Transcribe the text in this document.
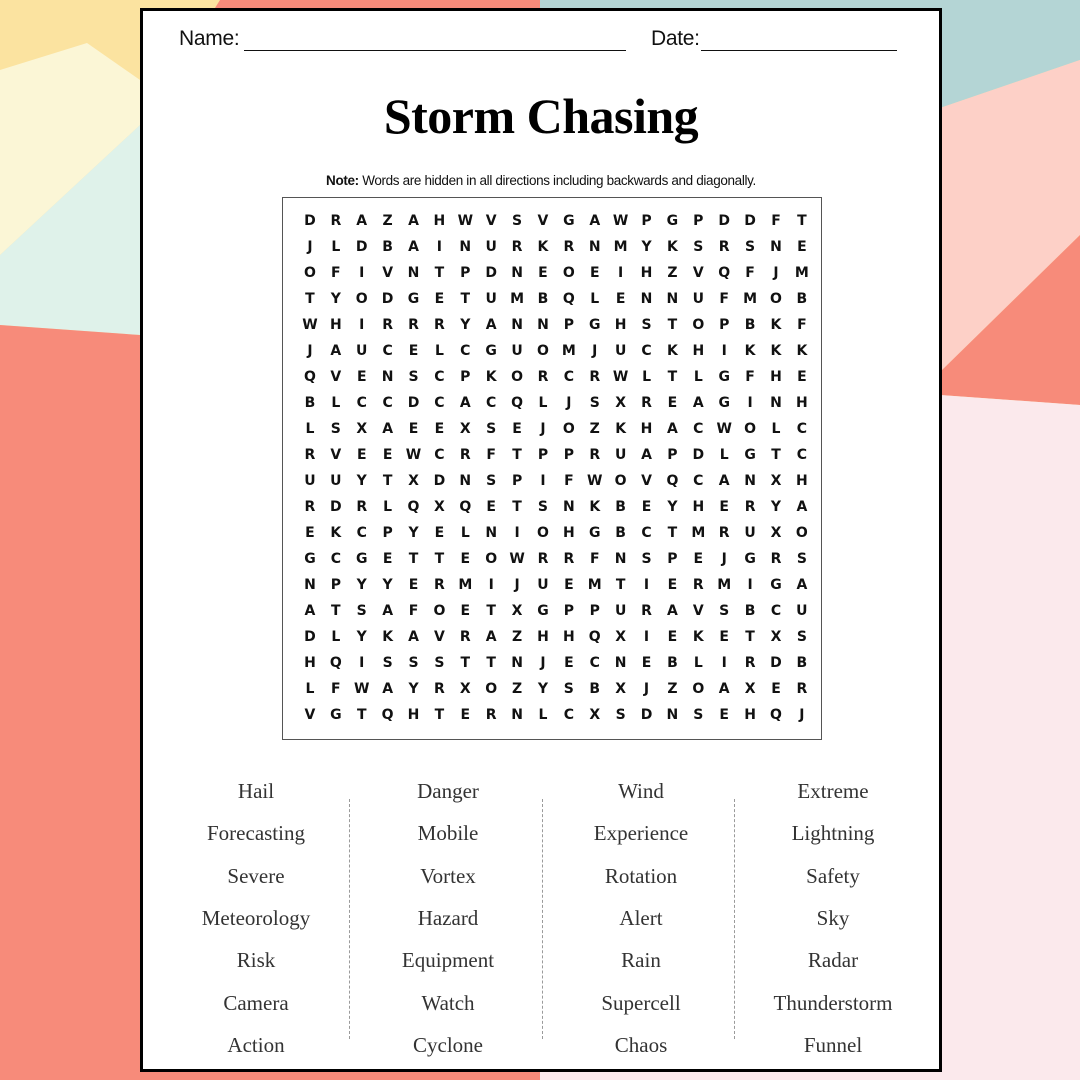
Name:	Date:
Storm Chasing
Note: Words are hidden in all directions including backwards and diagonally.
D	R	A	Z	A	H W V	S	V	G	A W P	G	P	D	D	F	T
J	L	D	B	A	I	N	U	R	K	R	N M Y	K	S	R	S	N	E
O	F	I	V	N	T	P	D	N	E	O	E	I	H	Z	V	Q	F	J	M
T	Y	O	D	G	E	T	U M B	Q	L	E	N	N	U	F	M O	B
W H	I	R	R	R	Y	A	N	N	P	G	H	S	T	O	P	B	K	F
J	A	U	C	E	L	C	G	U	O M	J	U	C	K	H	I	K	K	K
Q	V	E	N	S	C	P	K	O	R	C	R W L	T	L	G	F	H	E
B	L	C	C	D	C	A	C	Q	L	J	S	X	R	E	A	G	I	N	H
L	S	X	A	E	E	X	S	E	J	O	Z	K	H	A	C W O	L	C
R	V	E	E W C	R	F	T	P	P	R	U	A	P	D	L	G	T	C
U	U	Y	T	X	D	N	S	P	I	F W O	V	Q	C	A	N	X	H
R	D	R	L	Q	X	Q	E	T	S	N	K	B	E	Y	H	E	R	Y	A
E	K	C	P	Y	E	L	N	I	O	H	G	B	C	T	M R	U	X	O
G	C	G	E	T	T	E	O W R	R	F	N	S	P	E	J	G	R	S
N	P	Y	Y	E	R M	I	J	U	E	M	T	I	E	R M	I	G	A
A	T	S	A	F	O	E	T	X	G	P	P	U	R	A	V	S	B	C	U
D	L	Y	K	A	V	R	A	Z	H	H	Q	X	I	E	K	E	T	X	S
H	Q	I	S	S	S	T	T	N	J	E	C	N	E	B	L	I	R	D	B
L	F W A	Y	R	X	O	Z	Y	S	B	X	J	Z	O	A	X	E	R
V	G	T	Q	H	T	E	R	N	L	C	X	S	D	N	S	E	H	Q	J
Hail
Forecasting
Severe
Meteorology
Risk
Camera
Action
Danger
Mobile
Vortex
Hazard
Equipment
Watch
Cyclone
Wind
Experience
Rotation
Alert
Rain
Supercell
Chaos
Extreme
Lightning
Safety
Sky
Radar
Thunderstorm
Funnel
